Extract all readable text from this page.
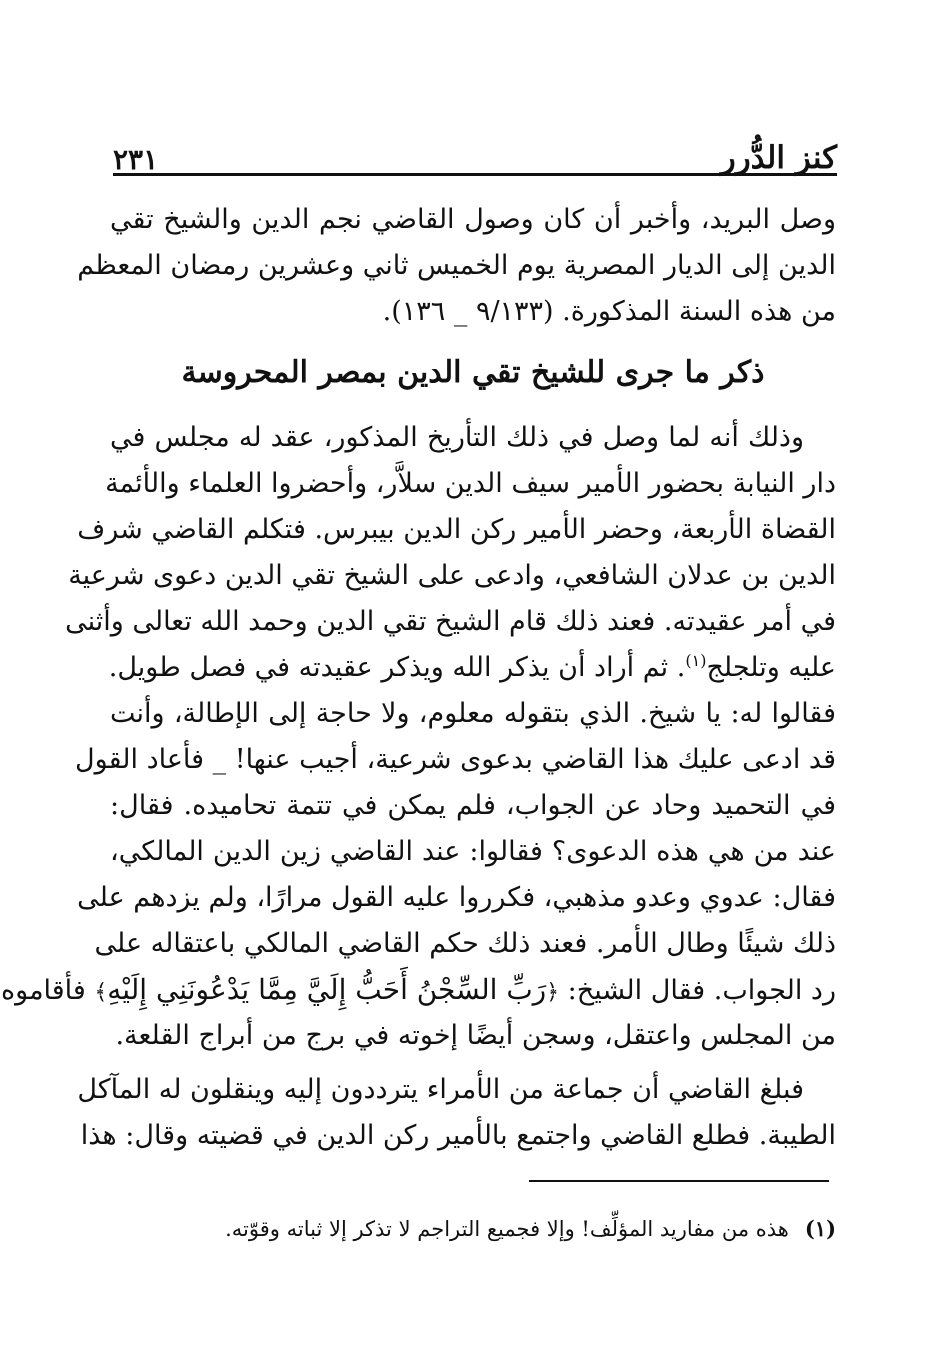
كنز الدُّرر
٢٣١
وصل البريد، وأخبر أن كان وصول القاضي نجم الدين والشيخ تقي
الدين إلى الديار المصرية يوم الخميس ثاني وعشرين رمضان المعظم
من هذه السنة المذكورة. (٩/١٣٣ _ ١٣٦).
ذكر ما جرى للشيخ تقي الدين بمصر المحروسة
وذلك أنه لما وصل في ذلك التأريخ المذكور، عقد له مجلس في
دار النيابة بحضور الأمير سيف الدين سلاَّر، وأحضروا العلماء والأئمة
القضاة الأربعة، وحضر الأمير ركن الدين بيبرس. فتكلم القاضي شرف
الدين بن عدلان الشافعي، وادعى على الشيخ تقي الدين دعوى شرعية
في أمر عقيدته. فعند ذلك قام الشيخ تقي الدين وحمد الله تعالى وأثنى
عليه وتلجلج$^{(١)}$. ثم أراد أن يذكر الله ويذكر عقيدته في فصل طويل.
فقالوا له: يا شيخ. الذي بتقوله معلوم، ولا حاجة إلى الإطالة، وأنت
قد ادعى عليك هذا القاضي بدعوى شرعية، أجيب عنها! _ فأعاد القول
في التحميد وحاد عن الجواب، فلم يمكن في تتمة تحاميده. فقال:
عند من هي هذه الدعوى؟ فقالوا: عند القاضي زين الدين المالكي،
فقال: عدوي وعدو مذهبي، فكرروا عليه القول مرارًا، ولم يزدهم على
ذلك شيئًا وطال الأمر. فعند ذلك حكم القاضي المالكي باعتقاله على
رد الجواب. فقال الشيخ: ﴿رَبِّ السِّجْنُ أَحَبُّ إِلَيَّ مِمَّا يَدْعُونَنِي إِلَيْهِ﴾ فأقاموه
من المجلس واعتقل، وسجن أيضًا إخوته في برج من أبراج القلعة.
فبلغ القاضي أن جماعة من الأمراء يترددون إليه وينقلون له المآكل
الطيبة. فطلع القاضي واجتمع بالأمير ركن الدين في قضيته وقال: هذا
(١)هذه من مفاريد المؤلِّف! وإلا فجميع التراجم لا تذكر إلا ثباته وقوّته.
